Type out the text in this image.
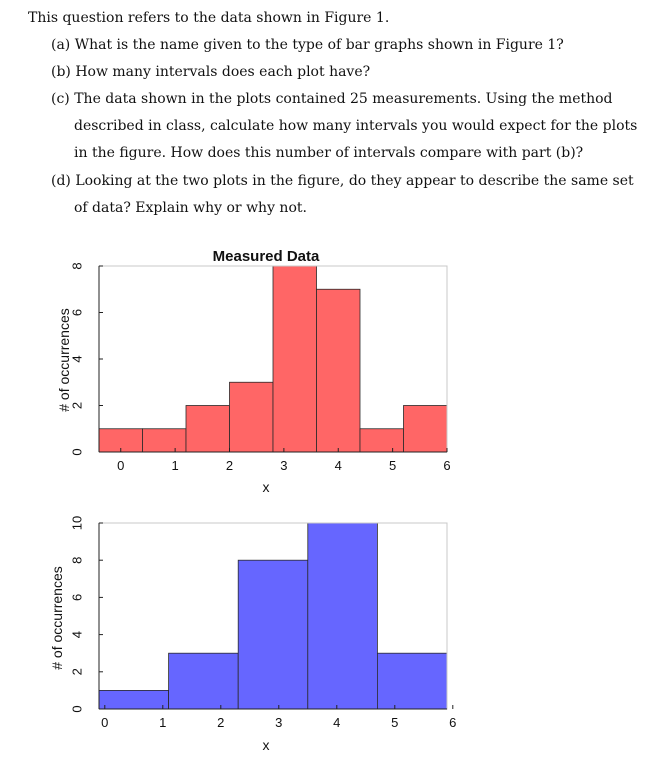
This question refers to the data shown in Figure 1.
(a) What is the name given to the type of bar graphs shown in Figure 1?
(b) How many intervals does each plot have?
(c) The data shown in the plots contained 25 measurements. Using the method
described in class, calculate how many intervals you would expect for the plots
in the figure. How does this number of intervals compare with part (b)?
(d) Looking at the two plots in the figure, do they appear to describe the same set
of data? Explain why or why not.
Measured Data
0	1	2	3	4	5	6
0
2
4
6
8
x
# of occurrences
0	1	2	3	4	5	6
0
2
4
6
8
10
x
# of occurrences
